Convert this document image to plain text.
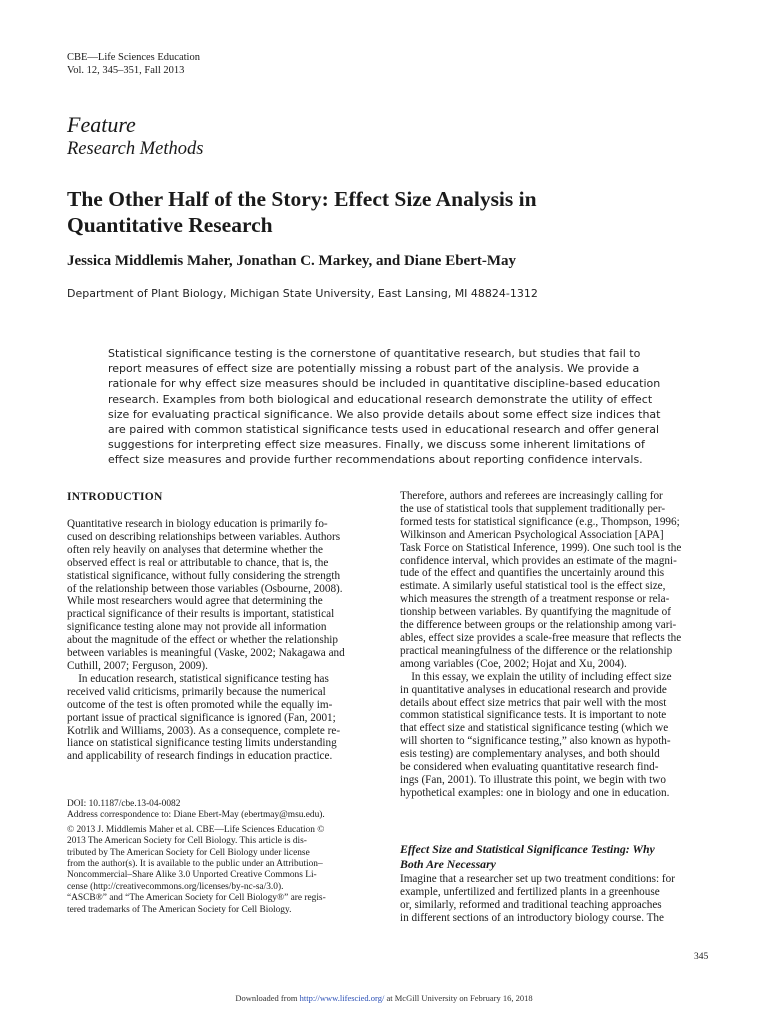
CBE—Life Sciences Education
Vol. 12, 345–351, Fall 2013
Feature
Research Methods
The Other Half of the Story: Effect Size Analysis in
Quantitative Research
Jessica Middlemis Maher, Jonathan C. Markey, and Diane Ebert-May
Department of Plant Biology, Michigan State University, East Lansing, MI 48824-1312
Statistical significance testing is the cornerstone of quantitative research, but studies that fail to
report measures of effect size are potentially missing a robust part of the analysis. We provide a
rationale for why effect size measures should be included in quantitative discipline-based education
research. Examples from both biological and educational research demonstrate the utility of effect
size for evaluating practical significance. We also provide details about some effect size indices that
are paired with common statistical significance tests used in educational research and offer general
suggestions for interpreting effect size measures. Finally, we discuss some inherent limitations of
effect size measures and provide further recommendations about reporting confidence intervals.
INTRODUCTION
Quantitative research in biology education is primarily fo-
cused on describing relationships between variables. Authors
often rely heavily on analyses that determine whether the
observed effect is real or attributable to chance, that is, the
statistical significance, without fully considering the strength
of the relationship between those variables (Osbourne, 2008).
While most researchers would agree that determining the
practical significance of their results is important, statistical
significance testing alone may not provide all information
about the magnitude of the effect or whether the relationship
between variables is meaningful (Vaske, 2002; Nakagawa and
Cuthill, 2007; Ferguson, 2009).
In education research, statistical significance testing has
received valid criticisms, primarily because the numerical
outcome of the test is often promoted while the equally im-
portant issue of practical significance is ignored (Fan, 2001;
Kotrlik and Williams, 2003). As a consequence, complete re-
liance on statistical significance testing limits understanding
and applicability of research findings in education practice.
DOI: 10.1187/cbe.13-04-0082
Address correspondence to: Diane Ebert-May (ebertmay@msu.edu).
© 2013 J. Middlemis Maher et al. CBE—Life Sciences Education ©
2013 The American Society for Cell Biology. This article is dis-
tributed by The American Society for Cell Biology under license
from the author(s). It is available to the public under an Attribution–
Noncommercial–Share Alike 3.0 Unported Creative Commons Li-
cense (http://creativecommons.org/licenses/by-nc-sa/3.0).
“ASCB®” and “The American Society for Cell Biology®” are regis-
tered trademarks of The American Society for Cell Biology.
Therefore, authors and referees are increasingly calling for
the use of statistical tools that supplement traditionally per-
formed tests for statistical significance (e.g., Thompson, 1996;
Wilkinson and American Psychological Association [APA]
Task Force on Statistical Inference, 1999). One such tool is the
confidence interval, which provides an estimate of the magni-
tude of the effect and quantifies the uncertainly around this
estimate. A similarly useful statistical tool is the effect size,
which measures the strength of a treatment response or rela-
tionship between variables. By quantifying the magnitude of
the difference between groups or the relationship among vari-
ables, effect size provides a scale-free measure that reflects the
practical meaningfulness of the difference or the relationship
among variables (Coe, 2002; Hojat and Xu, 2004).
In this essay, we explain the utility of including effect size
in quantitative analyses in educational research and provide
details about effect size metrics that pair well with the most
common statistical significance tests. It is important to note
that effect size and statistical significance testing (which we
will shorten to “significance testing,” also known as hypoth-
esis testing) are complementary analyses, and both should
be considered when evaluating quantitative research find-
ings (Fan, 2001). To illustrate this point, we begin with two
hypothetical examples: one in biology and one in education.
Effect Size and Statistical Significance Testing: Why
Both Are Necessary
Imagine that a researcher set up two treatment conditions: for
example, unfertilized and fertilized plants in a greenhouse
or, similarly, reformed and traditional teaching approaches
in different sections of an introductory biology course. The
345
Downloaded from http://www.lifescied.org/ at McGill University on February 16, 2018
